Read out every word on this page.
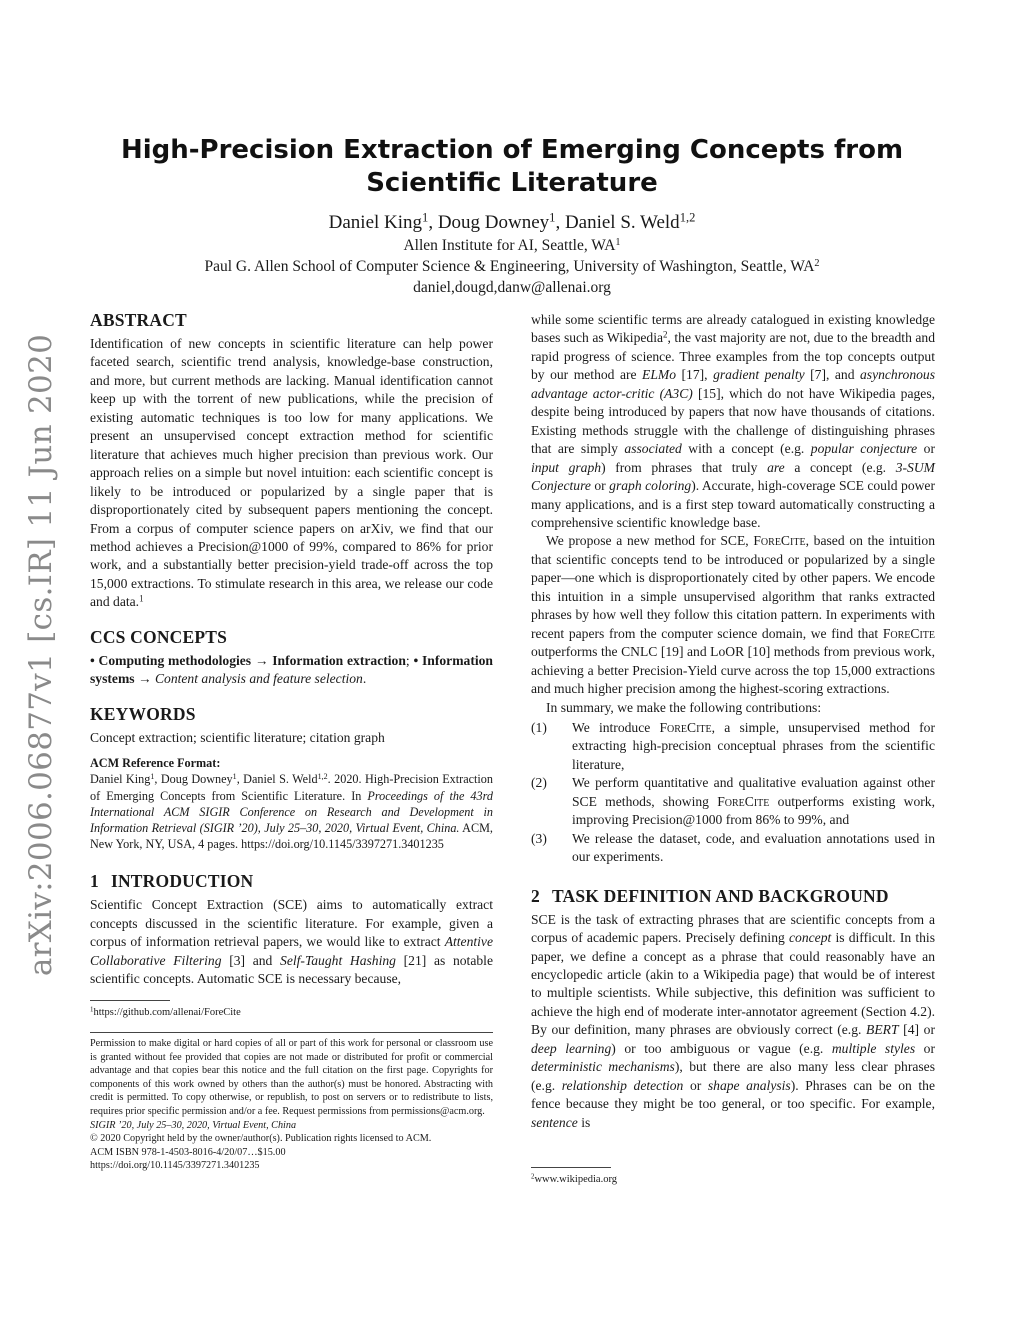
arXiv:2006.06877v1 [cs.IR] 11 Jun 2020
High-Precision Extraction of Emerging Concepts from Scientific Literature
Daniel King$^1$, Doug Downey$^1$, Daniel S. Weld$^{1,2}$
Allen Institute for AI, Seattle, $WA^1$
Paul G. Allen School of Computer Science & Engineering, University of Washington, Seattle, $WA^2$
daniel,dougd,danw@allenai.org
ABSTRACT

Identification of new concepts in scientific literature can help power faceted search, scientific trend analysis, knowledge-base construction, and more, but current methods are lacking. Manual identification cannot keep up with the torrent of new publications, while the precision of existing automatic techniques is too low for many applications. We present an unsupervised concept extraction method for scientific literature that achieves much higher precision than previous work. Our approach relies on a simple but novel intuition: each scientific concept is likely to be introduced or popularized by a single paper that is disproportionately cited by subsequent papers mentioning the concept. From a corpus of computer science papers on arXiv, we find that our method achieves a Precision@1000 of 99%, compared to 86% for prior work, and a substantially better precision-yield trade-off across the top 15,000 extractions. To stimulate research in this area, we release our code and data.$^1$

CCS CONCEPTS

• Computing methodologies → Information extraction; • Information systems → Content analysis and feature selection.

KEYWORDS

Concept extraction; scientific literature; citation graph

ACM Reference Format:

Daniel King$^1$, Doug Downey$^1$, Daniel S. Weld$^{1,2}$. 2020. High-Precision Extraction of Emerging Concepts from Scientific Literature. In Proceedings of the 43rd International ACM SIGIR Conference on Research and Development in Information Retrieval (SIGIR ’20), July 25–30, 2020, Virtual Event, China. ACM, New York, NY, USA, 4 pages. https://doi.org/10.1145/3397271.3401235

1 INTRODUCTION

Scientific Concept Extraction (SCE) aims to automatically extract concepts discussed in the scientific literature. For example, given a corpus of information retrieval papers, we would like to extract Attentive Collaborative Filtering [3] and Self-Taught Hashing [21] as notable scientific concepts. Automatic SCE is necessary because,

$^1$https://github.com/allenai/ForeCite

Permission to make digital or hard copies of all or part of this work for personal or classroom use is granted without fee provided that copies are not made or distributed for profit or commercial advantage and that copies bear this notice and the full citation on the first page. Copyrights for components of this work owned by others than the author(s) must be honored. Abstracting with credit is permitted. To copy otherwise, or republish, to post on servers or to redistribute to lists, requires prior specific permission and/or a fee. Request permissions from permissions@acm.org.

SIGIR ’20, July 25–30, 2020, Virtual Event, China

© 2020 Copyright held by the owner/author(s). Publication rights licensed to ACM.

ACM ISBN 978-1-4503-8016-4/20/07…$15.00

https://doi.org/10.1145/3397271.3401235

while some scientific terms are already catalogued in existing knowledge bases such as Wikipedia$^2$, the vast majority are not, due to the breadth and rapid progress of science. Three examples from the top concepts output by our method are ELMo [17], gradient penalty [7], and asynchronous advantage actor-critic (A3C) [15], which do not have Wikipedia pages, despite being introduced by papers that now have thousands of citations. Existing methods struggle with the challenge of distinguishing phrases that are simply associated with a concept (e.g. popular conjecture or input graph) from phrases that truly are a concept (e.g. 3-SUM Conjecture or graph coloring). Accurate, high-coverage SCE could power many applications, and is a first step toward automatically constructing a comprehensive scientific knowledge base.

We propose a new method for SCE, ForeCite, based on the intuition that scientific concepts tend to be introduced or popularized by a single paper—one which is disproportionately cited by other papers. We encode this intuition in a simple unsupervised algorithm that ranks extracted phrases by how well they follow this citation pattern. In experiments with recent papers from the computer science domain, we find that ForeCite outperforms the CNLC [19] and LoOR [10] methods from previous work, achieving a better Precision-Yield curve across the top 15,000 extractions and much higher precision among the highest-scoring extractions.

In summary, we make the following contributions:

(1) We introduce ForeCite, a simple, unsupervised method for extracting high-precision conceptual phrases from the scientific literature,
(2) We perform quantitative and qualitative evaluation against other SCE methods, showing ForeCite outperforms existing work, improving Precision@1000 from 86% to 99%, and
(3) We release the dataset, code, and evaluation annotations used in our experiments.
2 TASK DEFINITION AND BACKGROUND

SCE is the task of extracting phrases that are scientific concepts from a corpus of academic papers. Precisely defining concept is difficult. In this paper, we define a concept as a phrase that could reasonably have an encyclopedic article (akin to a Wikipedia page) that would be of interest to multiple scientists. While subjective, this definition was sufficient to achieve the high end of moderate inter-annotator agreement (Section 4.2). By our definition, many phrases are obviously correct (e.g. BERT [4] or deep learning) or too ambiguous or vague (e.g. multiple styles or deterministic mechanisms), but there are also many less clear phrases (e.g. relationship detection or shape analysis). Phrases can be on the fence because they might be too general, or too specific. For example, sentence is

$^2$www.wikipedia.org
